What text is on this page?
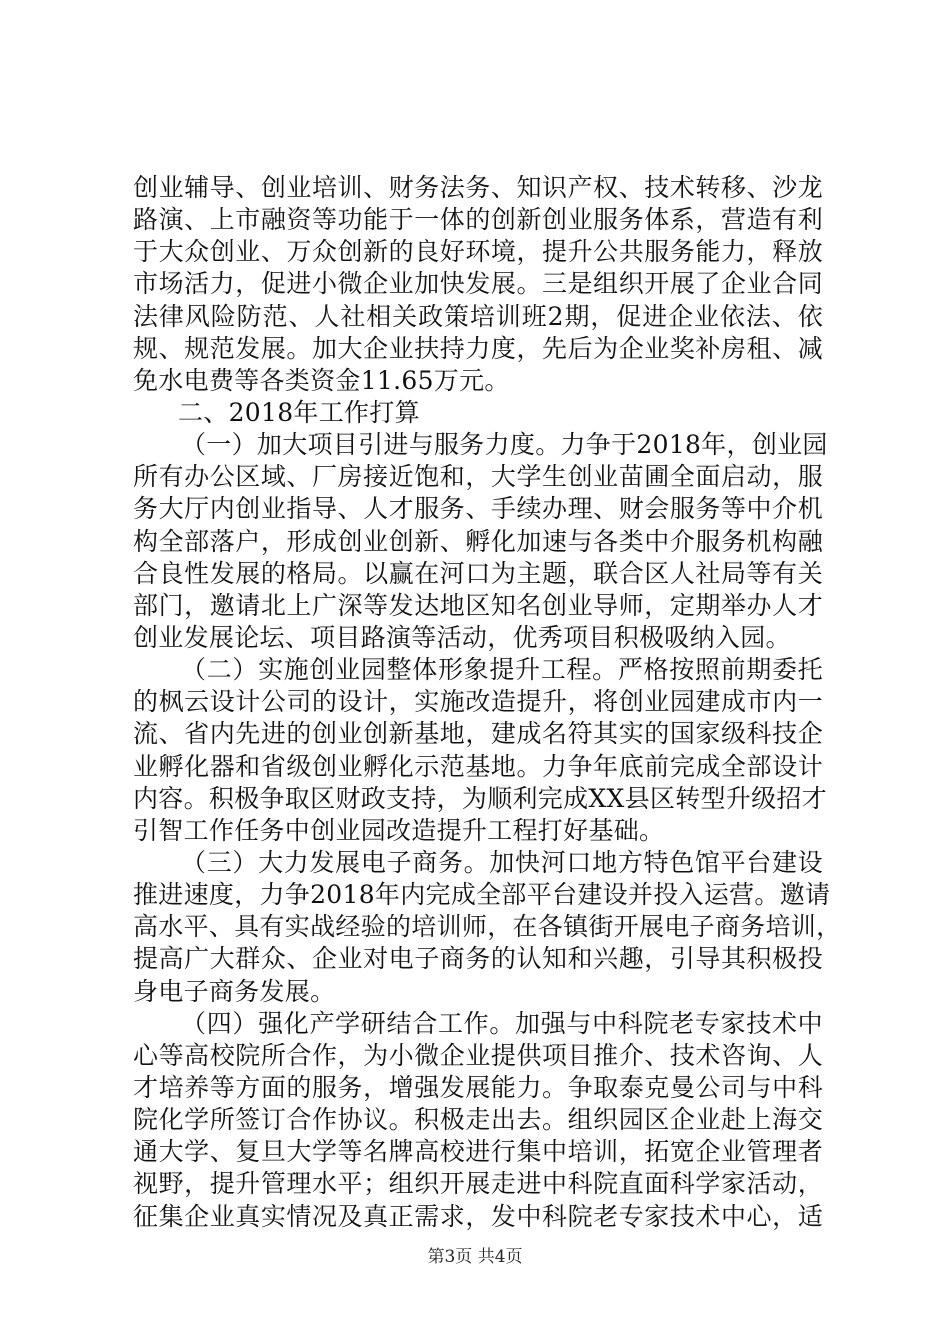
创业辅导、创业培训、财务法务、知识产权、技术转移、沙龙
路演、上市融资等功能于一体的创新创业服务体系，营造有利
于大众创业、万众创新的良好环境，提升公共服务能力，释放
市场活力，促进小微企业加快发展。三是组织开展了企业合同
法律风险防范、人社相关政策培训班2期，促进企业依法、依
规、规范发展。加大企业扶持力度，先后为企业奖补房租、减
免水电费等各类资金11.65万元。
二、2018年工作打算
（一）加大项目引进与服务力度。力争于2018年，创业园
所有办公区域、厂房接近饱和，大学生创业苗圃全面启动，服
务大厅内创业指导、人才服务、手续办理、财会服务等中介机
构全部落户，形成创业创新、孵化加速与各类中介服务机构融
合良性发展的格局。以赢在河口为主题，联合区人社局等有关
部门，邀请北上广深等发达地区知名创业导师，定期举办人才
创业发展论坛、项目路演等活动，优秀项目积极吸纳入园。
（二）实施创业园整体形象提升工程。严格按照前期委托
的枫云设计公司的设计，实施改造提升，将创业园建成市内一
流、省内先进的创业创新基地，建成名符其实的国家级科技企
业孵化器和省级创业孵化示范基地。力争年底前完成全部设计
内容。积极争取区财政支持，为顺利完成XX县区转型升级招才
引智工作任务中创业园改造提升工程打好基础。
（三）大力发展电子商务。加快河口地方特色馆平台建设
推进速度，力争2018年内完成全部平台建设并投入运营。邀请
高水平、具有实战经验的培训师，在各镇街开展电子商务培训，
提高广大群众、企业对电子商务的认知和兴趣，引导其积极投
身电子商务发展。
（四）强化产学研结合工作。加强与中科院老专家技术中
心等高校院所合作，为小微企业提供项目推介、技术咨询、人
才培养等方面的服务，增强发展能力。争取泰克曼公司与中科
院化学所签订合作协议。积极走出去。组织园区企业赴上海交
通大学、复旦大学等名牌高校进行集中培训，拓宽企业管理者
视野，提升管理水平；组织开展走进中科院直面科学家活动，
征集企业真实情况及真正需求，发中科院老专家技术中心，适
第3页 共4页
